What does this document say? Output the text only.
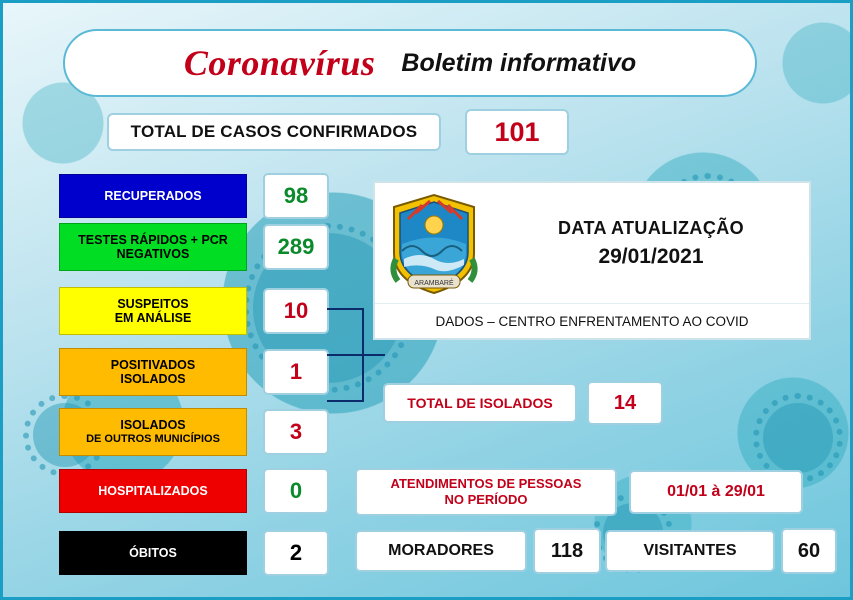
Coronavírus Boletim informativo
TOTAL DE CASOS CONFIRMADOS	101
RECUPERADOS	98
TESTES RÁPIDOS + PCR
NEGATIVOS	289
SUSPEITOS
EM ANÁLISE	10
POSITIVADOS
ISOLADOS	1
ISOLADOS
DE OUTROS MUNICÍPIOS	3
HOSPITALIZADOS	0
ÓBITOS	2
ARAMBARÉ
DATA ATUALIZAÇÃO
29/01/2021
DADOS – CENTRO ENFRENTAMENTO AO COVID
TOTAL DE ISOLADOS	14
ATENDIMENTOS DE PESSOAS
NO PERÍODO	01/01 à 29/01
MORADORES	118	VISITANTES	60
